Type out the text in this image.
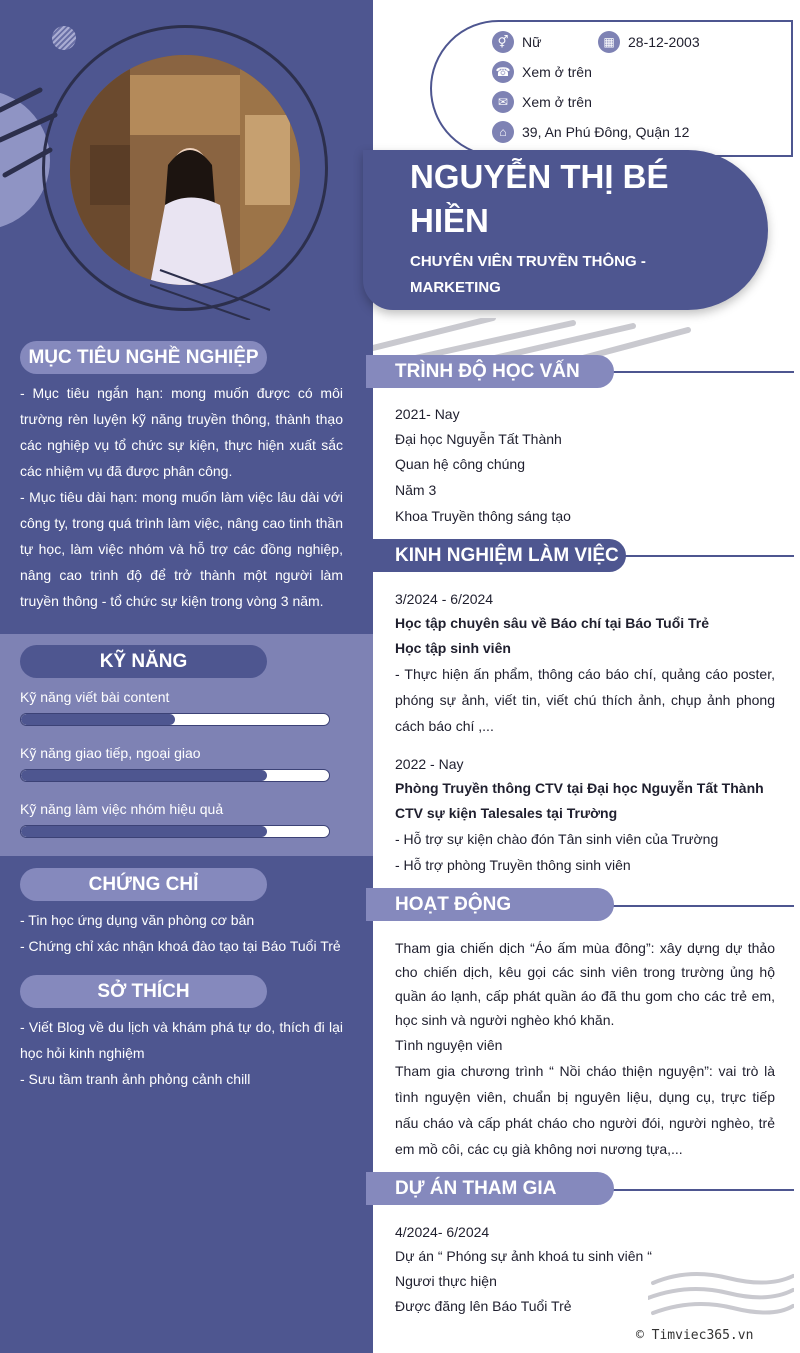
MỤC TIÊU NGHỀ NGHIỆP
- Mục tiêu ngắn hạn: mong muốn được có môi trường rèn luyện kỹ năng truyền thông, thành thạo các nghiệp vụ tổ chức sự kiện, thực hiện xuất sắc các nhiệm vụ đã được phân công.
- Mục tiêu dài hạn: mong muốn làm việc lâu dài với công ty, trong quá trình làm việc, nâng cao tinh thần tự học, làm việc nhóm và hỗ trợ các đồng nghiệp, nâng cao trình độ để trở thành một người làm truyền thông - tổ chức sự kiện trong vòng 3 năm.
KỸ NĂNG
Kỹ năng viết bài content
Kỹ năng giao tiếp, ngoại giao
Kỹ năng làm việc nhóm hiệu quả
CHỨNG CHỈ
- Tin học ứng dụng văn phòng cơ bản
- Chứng chỉ xác nhận khoá đào tạo tại Báo Tuổi Trẻ
SỞ THÍCH
- Viết Blog về du lịch và khám phá tự do, thích đi lại học hỏi kinh nghiệm
- Sưu tầm tranh ảnh phỏng cảnh chill
⚥ Nữ	▦ 28-12-2003
☎ Xem ở trên
✉ Xem ở trên
⌂	39, An Phú Đông, Quận 12
NGUYỄN THỊ BÉ HIỀN
CHUYÊN VIÊN TRUYỀN THÔNG - MARKETING
TRÌNH ĐỘ HỌC VẤN
2021- Nay
Đại học Nguyễn Tất Thành
Quan hệ công chúng
Năm 3
Khoa Truyền thông sáng tạo
KINH NGHIỆM LÀM VIỆC
3/2024 - 6/2024
Học tập chuyên sâu về Báo chí tại Báo Tuổi Trẻ
Học tập sinh viên
- Thực hiện ấn phẩm, thông cáo báo chí, quảng cáo poster, phóng sự ảnh, viết tin, viết chú thích ảnh, chụp ảnh phong cách báo chí ,...
2022 - Nay
Phòng Truyền thông CTV tại Đại học Nguyễn Tất Thành
CTV sự kiện Talesales tại Trường
- Hỗ trợ sự kiện chào đón Tân sinh viên của Trường
- Hỗ trợ phòng Truyền thông sinh viên
HOẠT ĐỘNG
Tham gia chiến dịch “Áo ấm mùa đông”: xây dựng dự thảo cho chiến dịch, kêu gọi các sinh viên trong trường ủng hộ quần áo lạnh, cấp phát quần áo đã thu gom cho các trẻ em, học sinh và người nghèo khó khăn.
Tình nguyện viên
Tham gia chương trình “ Nồi cháo thiện nguyện”: vai trò là tình nguyện viên, chuẩn bị nguyên liệu, dụng cụ, trực tiếp nấu cháo và cấp phát cháo cho người đói, người nghèo, trẻ em mồ côi, các cụ già không nơi nương tựa,...
DỰ ÁN THAM GIA
4/2024- 6/2024
Dự án “ Phóng sự ảnh khoá tu sinh viên “
Ngươi thực hiện
Được đăng lên Báo Tuổi Trẻ
© Timviec365.vn
